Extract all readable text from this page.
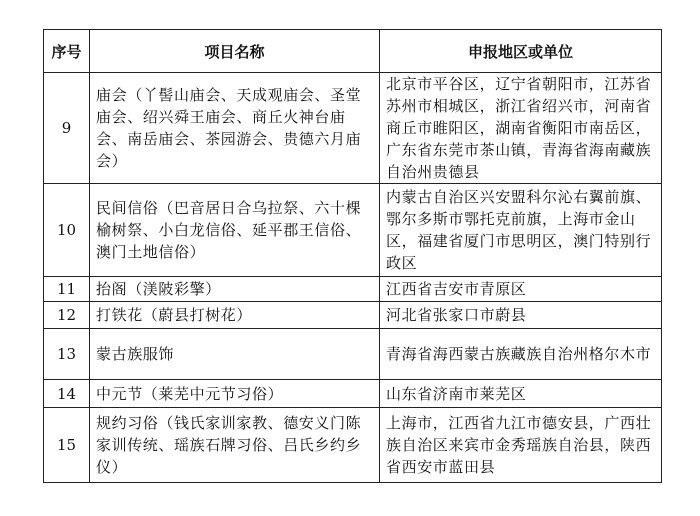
序号	项目名称	申报地区或单位
9	庙会（丫髻山庙会、天成观庙会、圣堂庙会、绍兴舜王庙会、商丘火神台庙会、南岳庙会、茶园游会、贵德六月庙会）	北京市平谷区，辽宁省朝阳市，江苏省苏州市相城区，浙江省绍兴市，河南省商丘市睢阳区，湖南省衡阳市南岳区，广东省东莞市茶山镇，青海省海南藏族自治州贵德县
10	民间信俗（巴音居日合乌拉祭、六十棵榆树祭、小白龙信俗、延平郡王信俗、澳门土地信俗）	内蒙古自治区兴安盟科尔沁右翼前旗、鄂尔多斯市鄂托克前旗，上海市金山区，福建省厦门市思明区，澳门特别行政区
11	抬阁（渼陂彩擎）	江西省吉安市青原区
12	打铁花（蔚县打树花）	河北省张家口市蔚县
13	蒙古族服饰	青海省海西蒙古族藏族自治州格尔木市
14	中元节（莱芜中元节习俗）	山东省济南市莱芜区
15	规约习俗（钱氏家训家教、德安义门陈家训传统、瑶族石牌习俗、吕氏乡约乡仪）	上海市，江西省九江市德安县，广西壮族自治区来宾市金秀瑶族自治县，陕西省西安市蓝田县
